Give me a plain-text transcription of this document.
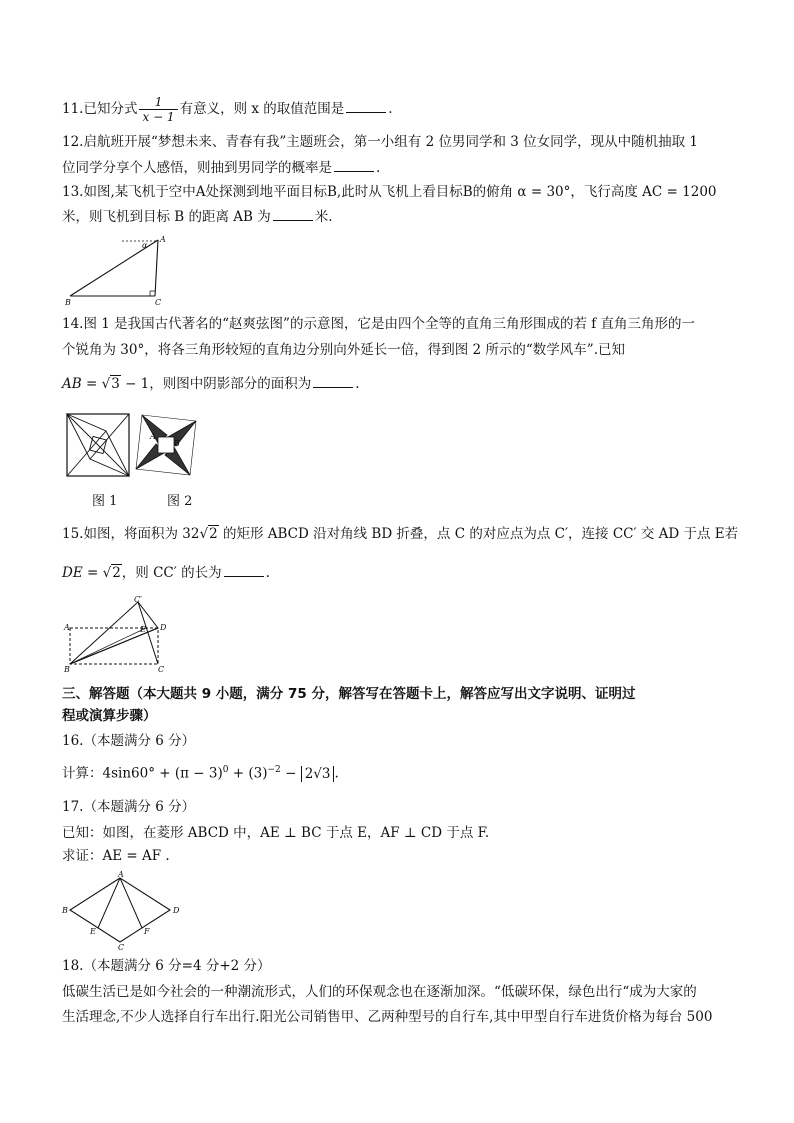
11.已知分式 $\frac{1}{x - 1}$ 有意义，则 x 的取值范围是	.
12.启航班开展“梦想未来、青春有我”主题班会，第一小组有 2 位男同学和 3 位女同学，现从中随机抽取 1
位同学分享个人感悟，则抽到男同学的概率是	.
13.如图,某飞机于空中A处探测到地平面目标B,此时从飞机上看目标B的俯角 α = 30°，飞行高度 AC = 1200
米，则飞机到目标 B 的距离 AB 为	米.
A
α
B	C
14.图 1 是我国古代著名的“赵爽弦图”的示意图，它是由四个全等的直角三角形围成的若 f 直角三角形的一
个锐角为 30°，将各三角形较短的直角边分别向外延长一倍，得到图 2 所示的“数学风车”.已知
AB = √3 − 1，则图中阴影部分的面积为	.
A
B
图 1	图 2
15.如图，将面积为 32√2 的矩形 ABCD 沿对角线 BD 折叠，点 C 的对应点为点 C′，连接 CC′ 交 AD 于点 E若
DE = √2，则 CC′ 的长为	.
A
B	C
D
E
C′
三、解答题（本大题共 9 小题，满分 75 分，解答写在答题卡上，解答应写出文字说明、证明过
程或演算步骤）
16.（本题满分 6 分）
计算：$4\sin 60^\circ + (\pi - 3)^0 + (3)^{-2} - 2√3$ .
17.（本题满分 6 分）
已知：如图，在菱形 ABCD 中，AE ⊥ BC 于点 E，AF ⊥ CD 于点 F.
求证：AE = AF .
A
B
C
D
E	F
18.（本题满分 6 分=4 分+2 分）
低碳生活已是如今社会的一种潮流形式，人们的环保观念也在逐渐加深。“低碳环保，绿色出行“成为大家的
生活理念,不少人选择自行车出行.阳光公司销售甲、乙两种型号的自行车,其中甲型自行车进货价格为每台 500
